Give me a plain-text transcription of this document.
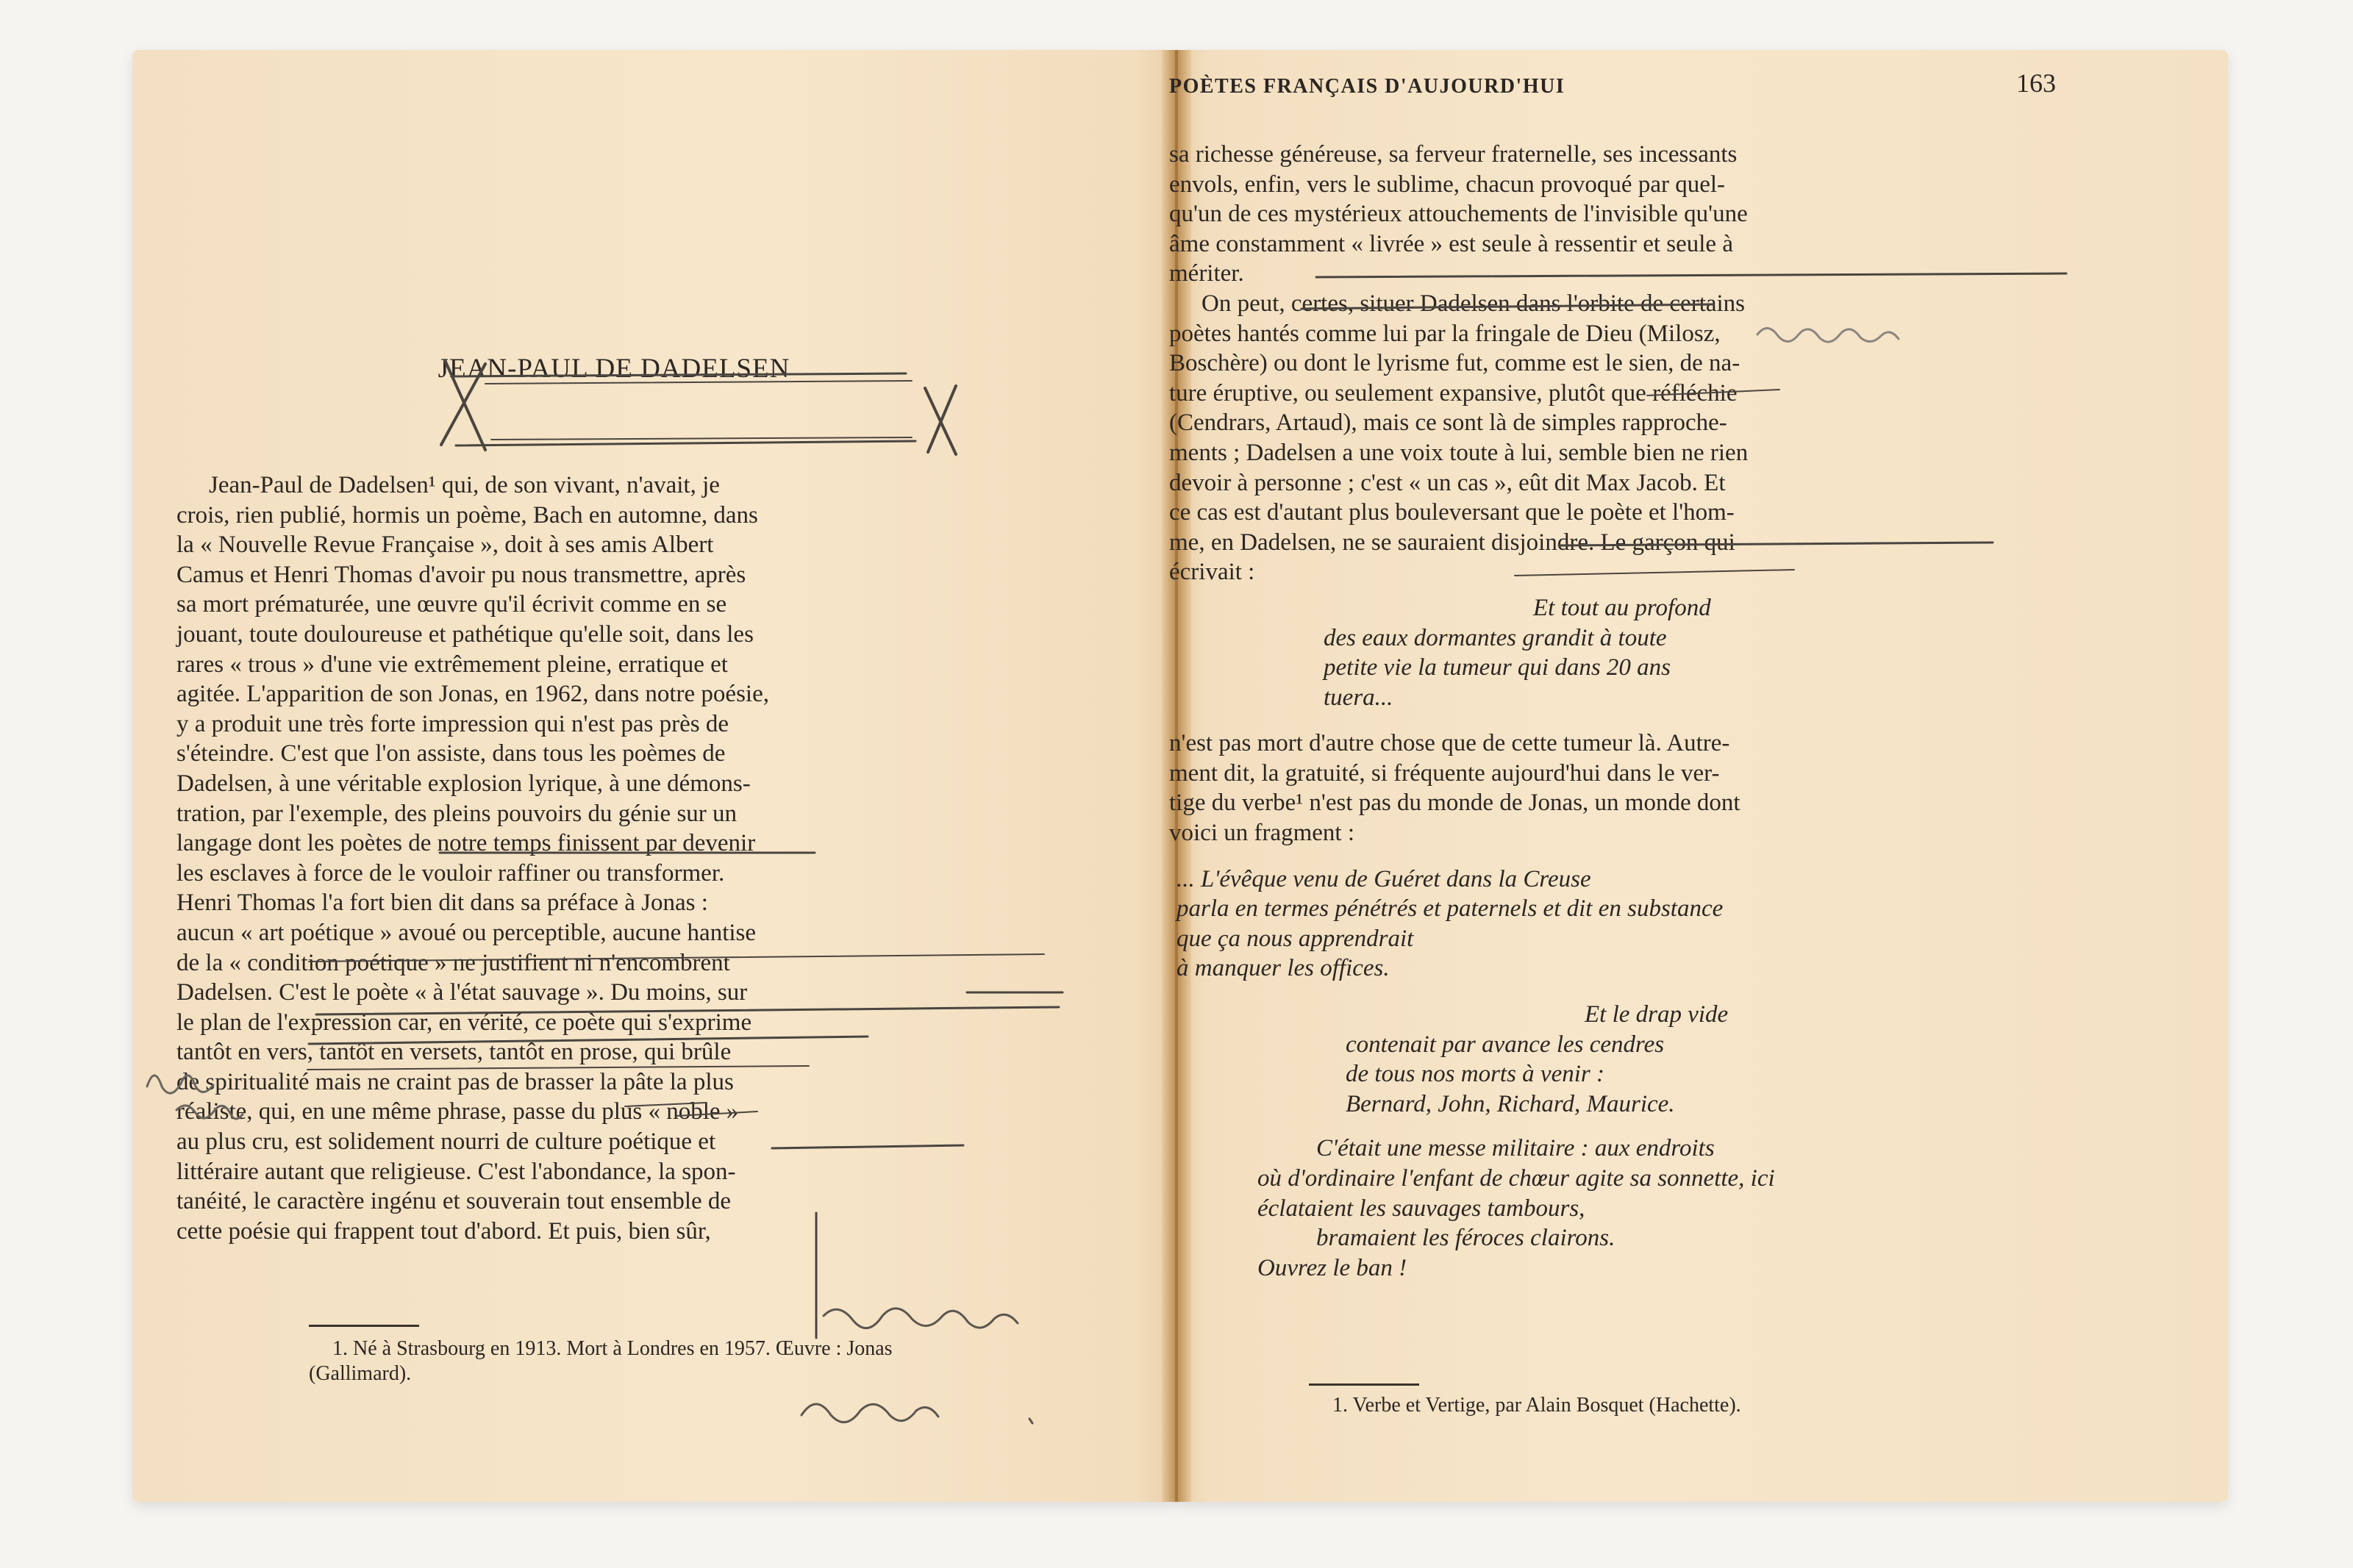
JEAN-PAUL DE DADELSEN

Jean-Paul de Dadelsen¹ qui, de son vivant, n'avait, je

crois, rien publié, hormis un poème, Bach en automne, dans

la « Nouvelle Revue Française », doit à ses amis Albert

Camus et Henri Thomas d'avoir pu nous transmettre, après

sa mort prématurée, une œuvre qu'il écrivit comme en se

jouant, toute douloureuse et pathétique qu'elle soit, dans les

rares « trous » d'une vie extrêmement pleine, erratique et

agitée. L'apparition de son Jonas, en 1962, dans notre poésie,

y a produit une très forte impression qui n'est pas près de

s'éteindre. C'est que l'on assiste, dans tous les poèmes de

Dadelsen, à une véritable explosion lyrique, à une démons-

tration, par l'exemple, des pleins pouvoirs du génie sur un

langage dont les poètes de notre temps finissent par devenir

les esclaves à force de le vouloir raffiner ou transformer.

Henri Thomas l'a fort bien dit dans sa préface à Jonas :

aucun « art poétique » avoué ou perceptible, aucune hantise

de la « condition poétique » ne justifient ni n'encombrent

Dadelsen. C'est le poète « à l'état sauvage ». Du moins, sur

le plan de l'expression car, en vérité, ce poète qui s'exprime

tantôt en vers, tantôt en versets, tantôt en prose, qui brûle

de spiritualité mais ne craint pas de brasser la pâte la plus

réaliste, qui, en une même phrase, passe du plus « noble »

au plus cru, est solidement nourri de culture poétique et

littéraire autant que religieuse. C'est l'abondance, la spon-

tanéité, le caractère ingénu et souverain tout ensemble de

cette poésie qui frappent tout d'abord. Et puis, bien sûr,

1. Né à Strasbourg en 1913. Mort à Londres en 1957. Œuvre : Jonas
(Gallimard).
POÈTES FRANÇAIS D'AUJOURD'HUI	163

sa richesse généreuse, sa ferveur fraternelle, ses incessants

envols, enfin, vers le sublime, chacun provoqué par quel-

qu'un de ces mystérieux attouchements de l'invisible qu'une

âme constamment « livrée » est seule à ressentir et seule à

mériter.

On peut, certes, situer Dadelsen dans l'orbite de certains

poètes hantés comme lui par la fringale de Dieu (Milosz,

Boschère) ou dont le lyrisme fut, comme est le sien, de na-

ture éruptive, ou seulement expansive, plutôt que réfléchie

(Cendrars, Artaud), mais ce sont là de simples rapproche-

ments ; Dadelsen a une voix toute à lui, semble bien ne rien

devoir à personne ; c'est « un cas », eût dit Max Jacob. Et

ce cas est d'autant plus bouleversant que le poète et l'hom-

me, en Dadelsen, ne se sauraient disjoindre. Le garçon qui

écrivait :

Et tout au profond
des eaux dormantes grandit à toute
petite vie la tumeur qui dans 20 ans
tuera...

n'est pas mort d'autre chose que de cette tumeur là. Autre-

ment dit, la gratuité, si fréquente aujourd'hui dans le ver-

tige du verbe¹ n'est pas du monde de Jonas, un monde dont

voici un fragment :

... L'évêque venu de Guéret dans la Creuse
parla en termes pénétrés et paternels et dit en substance
que ça nous apprendrait
à manquer les offices.
Et le drap vide
contenait par avance les cendres
de tous nos morts à venir :
Bernard, John, Richard, Maurice.
C'était une messe militaire : aux endroits
où d'ordinaire l'enfant de chœur agite sa sonnette, ici
éclataient les sauvages tambours,
bramaient les féroces clairons.
Ouvrez le ban !
1. Verbe et Vertige, par Alain Bosquet (Hachette).
